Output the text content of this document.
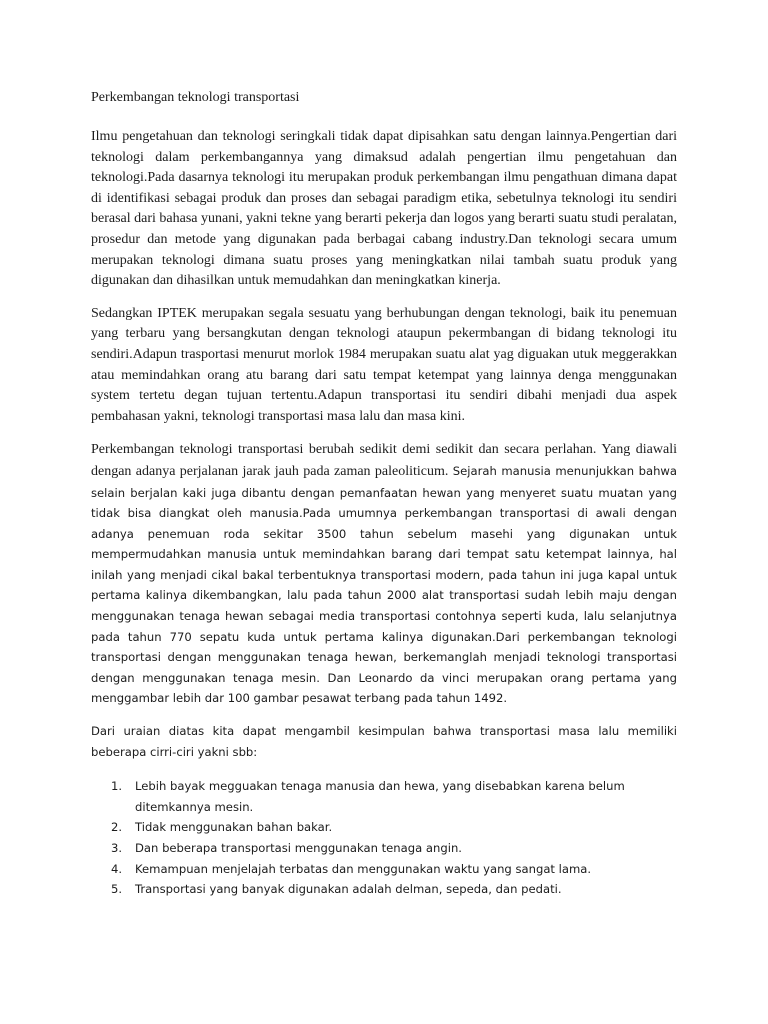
Perkembangan teknologi transportasi

Ilmu pengetahuan dan teknologi seringkali tidak dapat dipisahkan satu dengan lainnya.Pengertian dari teknologi dalam perkembangannya yang dimaksud adalah pengertian ilmu pengetahuan dan teknologi.Pada dasarnya teknologi itu merupakan produk perkembangan ilmu pengathuan dimana dapat di identifikasi sebagai produk dan proses dan sebagai paradigm etika, sebetulnya teknologi itu sendiri berasal dari bahasa yunani, yakni tekne yang berarti pekerja dan logos yang berarti suatu studi peralatan, prosedur dan metode yang digunakan pada berbagai cabang industry.Dan teknologi secara umum merupakan teknologi dimana suatu proses yang meningkatkan nilai tambah suatu produk yang digunakan dan dihasilkan untuk memudahkan dan meningkatkan kinerja.

Sedangkan IPTEK merupakan segala sesuatu yang berhubungan dengan teknologi, baik itu penemuan yang terbaru yang bersangkutan dengan teknologi ataupun pekermbangan di bidang teknologi itu sendiri.Adapun trasportasi menurut morlok 1984 merupakan suatu alat yag diguakan utuk meggerakkan atau memindahkan orang atu barang dari satu tempat ketempat yang lainnya denga menggunakan system tertetu degan tujuan tertentu.Adapun transportasi itu sendiri dibahi menjadi dua aspek pembahasan yakni, teknologi transportasi masa lalu dan masa kini.

Perkembangan teknologi transportasi berubah sedikit demi sedikit dan secara perlahan. Yang diawali dengan adanya perjalanan jarak jauh pada zaman paleoliticum. Sejarah manusia menunjukkan bahwa selain berjalan kaki juga dibantu dengan pemanfaatan hewan yang menyeret suatu muatan yang tidak bisa diangkat oleh manusia.Pada umumnya perkembangan transportasi di awali dengan adanya penemuan roda sekitar 3500 tahun sebelum masehi yang digunakan untuk mempermudahkan manusia untuk memindahkan barang dari tempat satu ketempat lainnya, hal inilah yang menjadi cikal bakal terbentuknya transportasi modern, pada tahun ini juga kapal untuk pertama kalinya dikembangkan, lalu pada tahun 2000 alat transportasi sudah lebih maju dengan menggunakan tenaga hewan sebagai media transportasi contohnya seperti kuda, lalu selanjutnya pada tahun 770 sepatu kuda untuk pertama kalinya digunakan.Dari perkembangan teknologi transportasi dengan menggunakan tenaga hewan, berkemanglah menjadi teknologi transportasi dengan menggunakan tenaga mesin. Dan Leonardo da vinci merupakan orang pertama yang menggambar lebih dar 100 gambar pesawat terbang pada tahun 1492.

Dari uraian diatas kita dapat mengambil kesimpulan bahwa transportasi masa lalu memiliki beberapa cirri-ciri yakni sbb:

1. Lebih bayak megguakan tenaga manusia dan hewa, yang disebabkan karena belum ditemkannya mesin.
2. Tidak menggunakan bahan bakar.
3. Dan beberapa transportasi menggunakan tenaga angin.
4. Kemampuan menjelajah terbatas dan menggunakan waktu yang sangat lama.
5. Transportasi yang banyak digunakan adalah delman, sepeda, dan pedati.
